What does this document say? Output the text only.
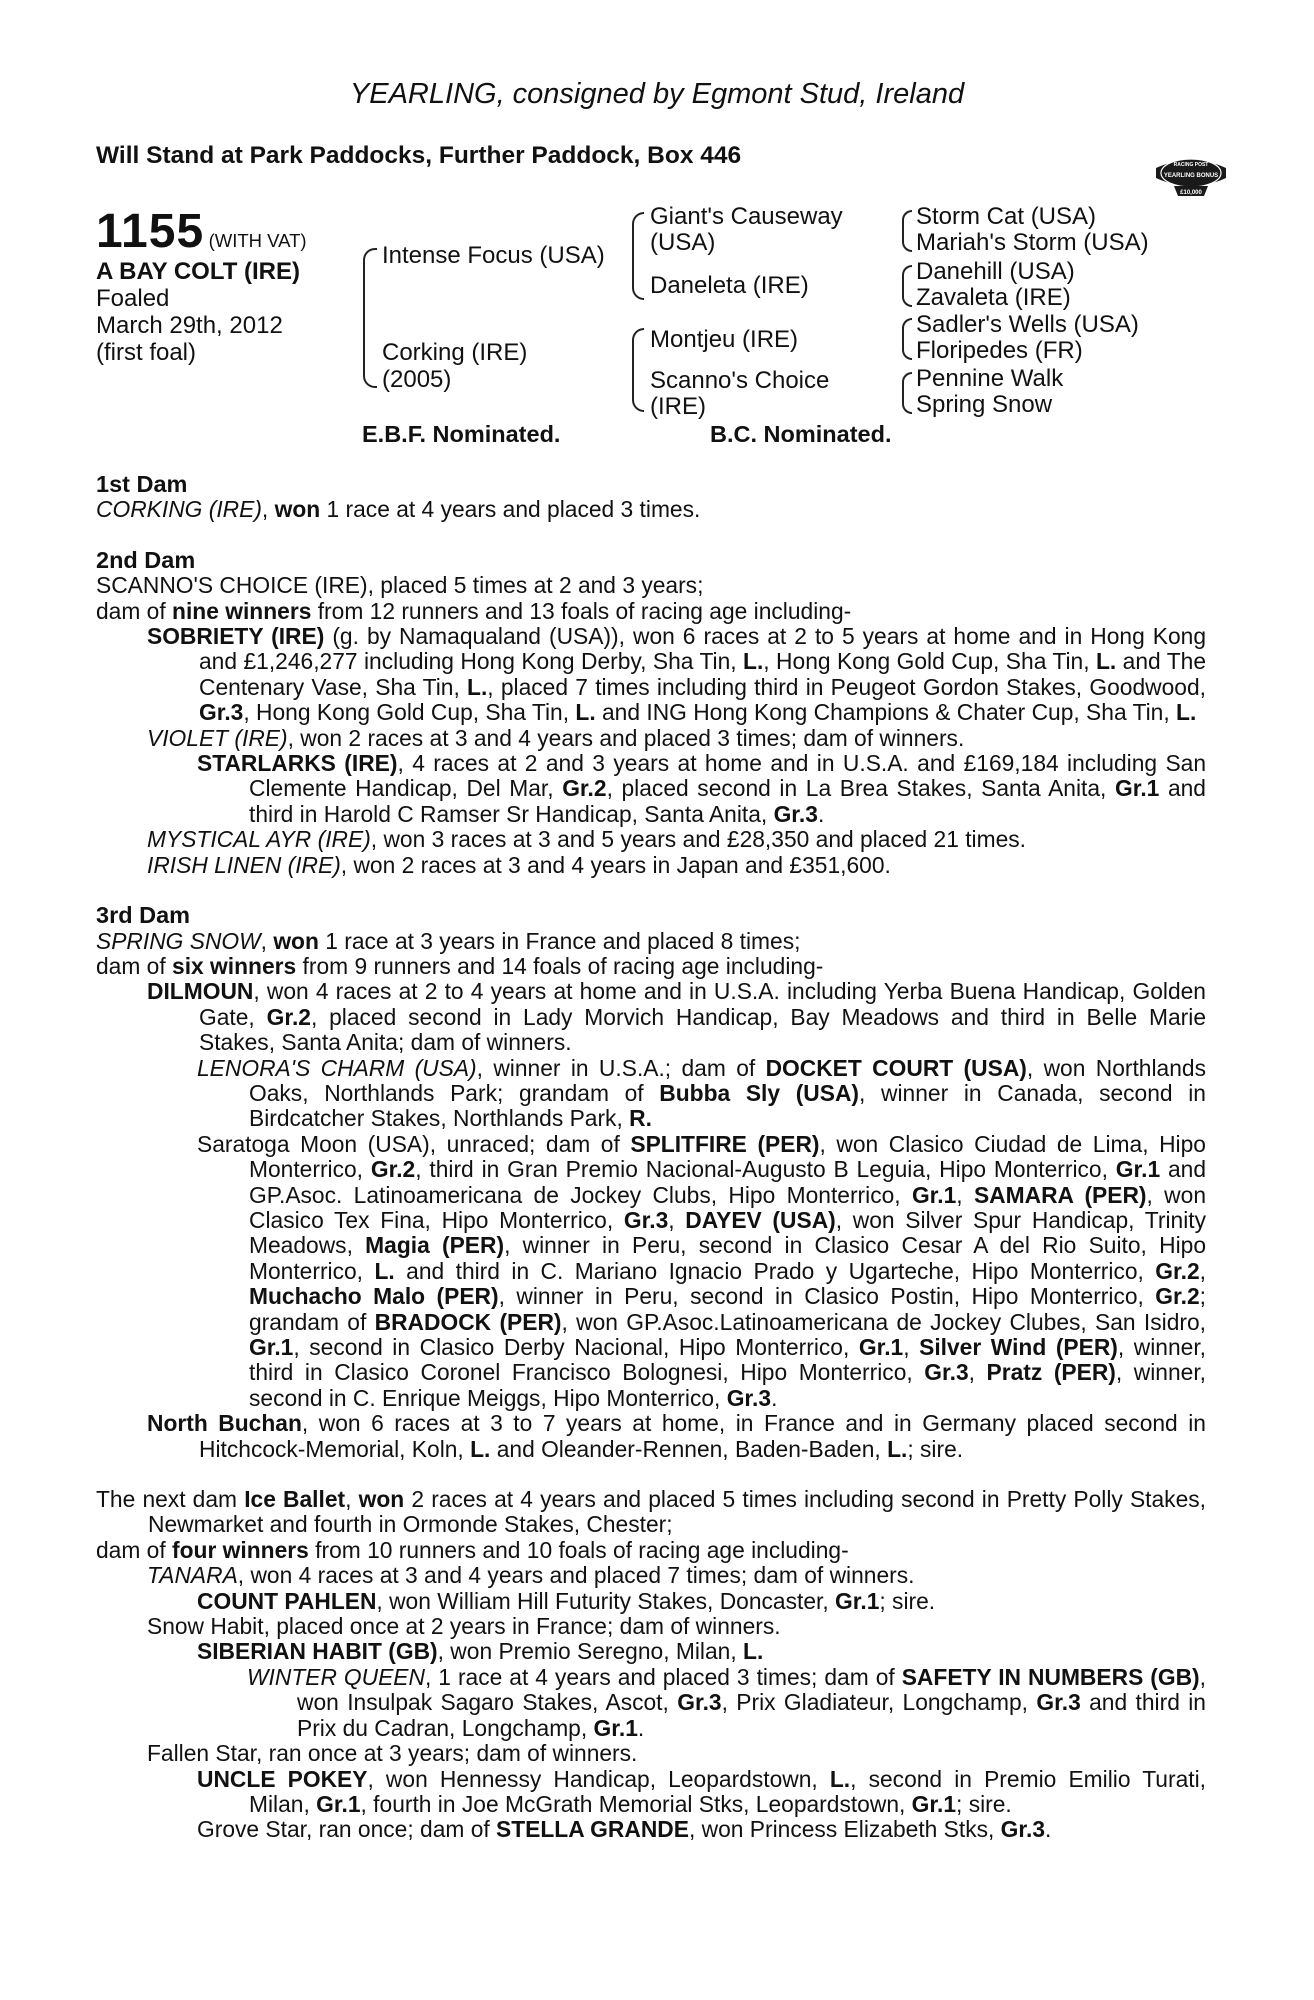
YEARLING, consigned by Egmont Stud, Ireland
Will Stand at Park Paddocks, Further Paddock, Box 446	RACING POST
YEARLING BONUS
£10,000
1155 (WITH VAT)
A BAY COLT (IRE)
Foaled
March 29th, 2012
(first foal)
Intense Focus (USA)
Corking (IRE)
(2005)
Giant's Causeway
(USA)
Daneleta (IRE)
Montjeu (IRE)
Scanno's Choice
(IRE)
Storm Cat (USA)
Mariah's Storm (USA)
Danehill (USA)
Zavaleta (IRE)
Sadler's Wells (USA)
Floripedes (FR)
Pennine Walk
Spring Snow
E.B.F. Nominated.	B.C. Nominated.

1st Dam

CORKING (IRE), won 1 race at 4 years and placed 3 times.

2nd Dam

SCANNO'S CHOICE (IRE), placed 5 times at 2 and 3 years;

dam of nine winners from 12 runners and 13 foals of racing age including-

SOBRIETY (IRE) (g. by Namaqualand (USA)), won 6 races at 2 to 5 years at home and in Hong Kong and £1,246,277 including Hong Kong Derby, Sha Tin, L., Hong Kong Gold Cup, Sha Tin, L. and The Centenary Vase, Sha Tin, L., placed 7 times including third in Peugeot Gordon Stakes, Goodwood, Gr.3, Hong Kong Gold Cup, Sha Tin, L. and ING Hong Kong Champions & Chater Cup, Sha Tin, L.

VIOLET (IRE), won 2 races at 3 and 4 years and placed 3 times; dam of winners.

STARLARKS (IRE), 4 races at 2 and 3 years at home and in U.S.A. and £169,184 including San Clemente Handicap, Del Mar, Gr.2, placed second in La Brea Stakes, Santa Anita, Gr.1 and third in Harold C Ramser Sr Handicap, Santa Anita, Gr.3.

MYSTICAL AYR (IRE), won 3 races at 3 and 5 years and £28,350 and placed 21 times.

IRISH LINEN (IRE), won 2 races at 3 and 4 years in Japan and £351,600.

3rd Dam

SPRING SNOW, won 1 race at 3 years in France and placed 8 times;

dam of six winners from 9 runners and 14 foals of racing age including-

DILMOUN, won 4 races at 2 to 4 years at home and in U.S.A. including Yerba Buena Handicap, Golden Gate, Gr.2, placed second in Lady Morvich Handicap, Bay Meadows and third in Belle Marie Stakes, Santa Anita; dam of winners.

LENORA'S CHARM (USA), winner in U.S.A.; dam of DOCKET COURT (USA), won Northlands Oaks, Northlands Park; grandam of Bubba Sly (USA), winner in Canada, second in Birdcatcher Stakes, Northlands Park, R.

Saratoga Moon (USA), unraced; dam of SPLITFIRE (PER), won Clasico Ciudad de Lima, Hipo Monterrico, Gr.2, third in Gran Premio Nacional-Augusto B Leguia, Hipo Monterrico, Gr.1 and GP.Asoc. Latinoamericana de Jockey Clubs, Hipo Monterrico, Gr.1, SAMARA (PER), won Clasico Tex Fina, Hipo Monterrico, Gr.3, DAYEV (USA), won Silver Spur Handicap, Trinity Meadows, Magia (PER), winner in Peru, second in Clasico Cesar A del Rio Suito, Hipo Monterrico, L. and third in C. Mariano Ignacio Prado y Ugarteche, Hipo Monterrico, Gr.2, Muchacho Malo (PER), winner in Peru, second in Clasico Postin, Hipo Monterrico, Gr.2; grandam of BRADOCK (PER), won GP.Asoc.Latinoamericana de Jockey Clubes, San Isidro, Gr.1, second in Clasico Derby Nacional, Hipo Monterrico, Gr.1, Silver Wind (PER), winner, third in Clasico Coronel Francisco Bolognesi, Hipo Monterrico, Gr.3, Pratz (PER), winner, second in C. Enrique Meiggs, Hipo Monterrico, Gr.3.

North Buchan, won 6 races at 3 to 7 years at home, in France and in Germany placed second in Hitchcock-Memorial, Koln, L. and Oleander-Rennen, Baden-Baden, L.; sire.

The next dam Ice Ballet, won 2 races at 4 years and placed 5 times including second in Pretty Polly Stakes, Newmarket and fourth in Ormonde Stakes, Chester;

dam of four winners from 10 runners and 10 foals of racing age including-

TANARA, won 4 races at 3 and 4 years and placed 7 times; dam of winners.

COUNT PAHLEN, won William Hill Futurity Stakes, Doncaster, Gr.1; sire.

Snow Habit, placed once at 2 years in France; dam of winners.

SIBERIAN HABIT (GB), won Premio Seregno, Milan, L.

WINTER QUEEN, 1 race at 4 years and placed 3 times; dam of SAFETY IN NUMBERS (GB), won Insulpak Sagaro Stakes, Ascot, Gr.3, Prix Gladiateur, Longchamp, Gr.3 and third in Prix du Cadran, Longchamp, Gr.1.

Fallen Star, ran once at 3 years; dam of winners.

UNCLE POKEY, won Hennessy Handicap, Leopardstown, L., second in Premio Emilio Turati, Milan, Gr.1, fourth in Joe McGrath Memorial Stks, Leopardstown, Gr.1; sire.

Grove Star, ran once; dam of STELLA GRANDE, won Princess Elizabeth Stks, Gr.3.
